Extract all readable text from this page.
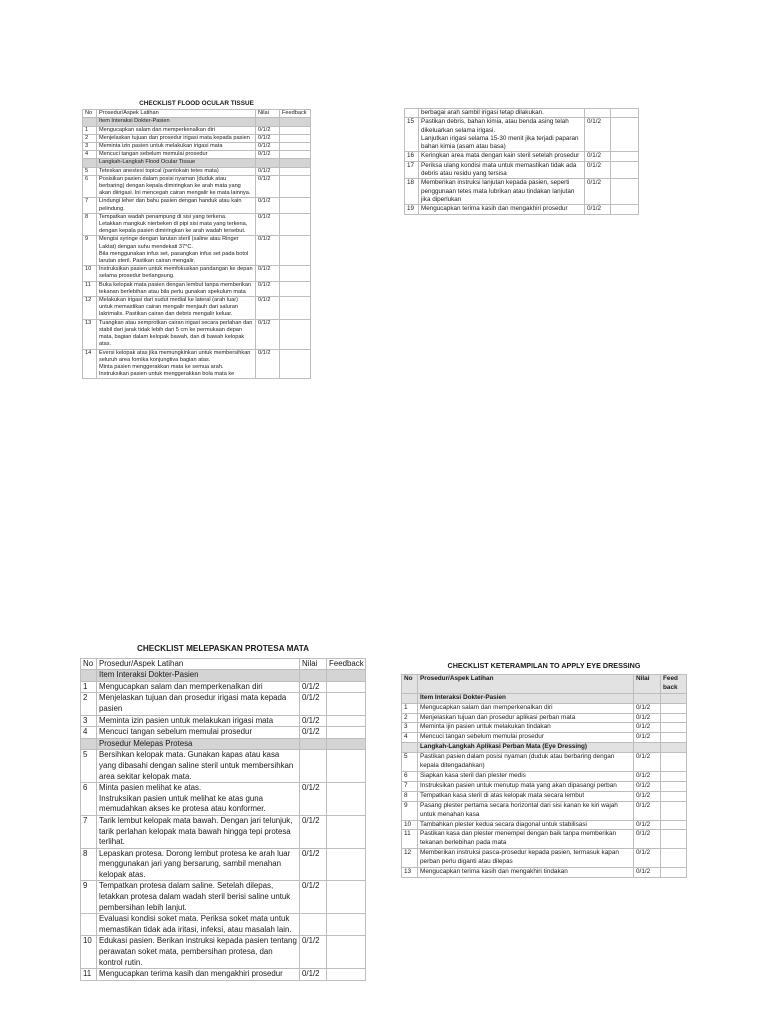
CHECKLIST FLOOD OCULAR TISSUE
No	Prosedur/Aspek Latihan	Nilai	Feedback
	Item Interaksi Dokter-Pasien		
1	Mengucapkan salam dan memperkenalkan diri	0/1/2	
2	Menjelaskan tujuan dan prosedur irigasi mata kepada pasien	0/1/2	
3	Meminta izin pasien untuk melakukan irigasi mata	0/1/2	
4	Mencuci tangan sebelum memulai prosedur	0/1/2	
	Langkah-Langkah Flood Ocular Tissue		
5	Teteskan anestesi topical (pantokain tetes mata)	0/1/2	
6	Posisikan pasien dalam posisi nyaman (duduk atau berbaring) dengan kepala dimiringkan ke arah mata yang akan diirigasi. Ini mencegah cairan mengalir ke mata lainnya.	0/1/2	
7	Lindungi leher dan bahu pasien dengan handuk atau kain pelindung.	0/1/2	
8	Tempatkan wadah penampung di sisi yang terkena.
Letakkan mangkuk nierbeken di pipi sisi mata yang terkena, dengan kepala pasien dimiringkan ke arah wadah tersebut.	0/1/2	
9	Mengisi syringe dengan larutan steril (saline atau Ringer Laktat) dengan suhu mendekati 37°C.
Bila menggunakan infus set, pasangkan infus set pada botol larutan steril. Pastikan cairan mengalir.	0/1/2	
10	Instruksikan pasien untuk memfokuskan pandangan ke depan selama prosedur berlangsung.	0/1/2	
11	Buka kelopak mata pasien dengan lembut tanpa memberikan tekanan berlebihan atau bila perlu gunakan spekulum mata	0/1/2	
12	Melakukan irigasi dari sudut medial ke lateral (arah luar) untuk memastikan cairan mengalir menjauh dari saluran lakrimalis. Pastikan cairan dan debris mengalir keluar.	0/1/2	
13	Tuangkan atau semprotkan cairan irigasi secara perlahan dan stabil dari jarak tidak lebih dari 5 cm ke permukaan depan mata, bagian dalam kelopak bawah, dan di bawah kelopak atas.	0/1/2	
14	Eversi kelopak atas jika memungkinkan untuk membersihkan seluruh area fornika konjungtiva bagian atas.
Minta pasien menggerakkan mata ke semua arah.
Instruksikan pasien untuk menggerakkan bola mata ke	0/1/2	
	berbagai arah sambil irigasi tetap dilakukan.		
15	Pastikan debris, bahan kimia, atau benda asing telah dikeluarkan selama irigasi.
Lanjutkan irigasi selama 15-30 menit jika terjadi paparan bahan kimia (asam atau basa)	0/1/2	
16	Keringkan area mata dengan kain steril setelah prosedur	0/1/2	
17	Periksa ulang kondisi mata untuk memastikan tidak ada debris atau residu yang tersisa	0/1/2	
18	Memberikan instruksi lanjutan kepada pasien, seperti penggunaan tetes mata lubrikan atau tindakan lanjutan jika diperlukan	0/1/2	
19	Mengucapkan terima kasih dan mengakhiri prosedur	0/1/2	
CHECKLIST MELEPASKAN PROTESA MATA
No	Prosedur/Aspek Latihan	Nilai	Feedback
	Item Interaksi Dokter-Pasien		
1	Mengucapkan salam dan memperkenalkan diri	0/1/2	
2	Menjelaskan tujuan dan prosedur irigasi mata kepada pasien	0/1/2	
3	Meminta izin pasien untuk melakukan irigasi mata	0/1/2	
4	Mencuci tangan sebelum memulai prosedur	0/1/2	
	Prosedur Melepas Protesa		
5	Bersihkan kelopak mata. Gunakan kapas atau kasa yang dibasahi dengan saline steril untuk membersihkan area sekitar kelopak mata.		
6	Minta pasien melihat ke atas.
Instruksikan pasien untuk melihat ke atas guna memudahkan akses ke protesa atau konformer.	0/1/2	
7	Tarik lembut kelopak mata bawah. Dengan jari telunjuk, tarik perlahan kelopak mata bawah hingga tepi protesa terlihat.	0/1/2	
8	Lepaskan protesa. Dorong lembut protesa ke arah luar menggunakan jari yang bersarung, sambil menahan kelopak atas.	0/1/2	
9	Tempatkan protesa dalam saline. Setelah dilepas, letakkan protesa dalam wadah steril berisi saline untuk pembersihan lebih lanjut.	0/1/2	
	Evaluasi kondisi soket mata. Periksa soket mata untuk memastikan tidak ada iritasi, infeksi, atau masalah lain.		
10	Edukasi pasien. Berikan instruksi kepada pasien tentang perawatan soket mata, pembersihan protesa, dan kontrol rutin.	0/1/2	
11	Mengucapkan terima kasih dan mengakhiri prosedur	0/1/2	
CHECKLIST KETERAMPILAN TO APPLY EYE DRESSING
No	Prosedur/Aspek Latihan	Nilai	Feed back
	Item Interaksi Dokter-Pasien		
1	Mengucapkan salam dan memperkenalkan diri	0/1/2	
2	Menjelaskan tujuan dan prosedur aplikasi perban mata	0/1/2	
3	Meminta ijin pasien untuk melakukan tindakan	0/1/2	
4	Mencuci tangan sebelum memulai prosedur	0/1/2	
	Langkah-Langkah Aplikasi Perban Mata (Eye Dressing)		
5	Pastikan pasien dalam posisi nyaman (duduk atau berbaring dengan kepala ditengadahkan)	0/1/2	
6	Siapkan kasa steril dan plester medis	0/1/2	
7	Instruksikan pasien untuk menutup mata yang akan dipasangi perban	0/1/2	
8	Tempatkan kasa steril di atas kelopak mata secara lembut	0/1/2	
9	Pasang plester pertama secara horizontal dari sisi kanan ke kiri wajah untuk menahan kasa	0/1/2	
10	Tambahkan plester kedua secara diagonal untuk stabilisasi	0/1/2	
11	Pastikan kasa dan plester menempel dengan baik tanpa memberikan tekanan berlebihan pada mata	0/1/2	
12	Memberikan instruksi pasca-prosedur kepada pasien, termasuk kapan perban perlu diganti atau dilepas	0/1/2	
13	Mengucapkan terima kasih dan mengakhiri tindakan	0/1/2	
